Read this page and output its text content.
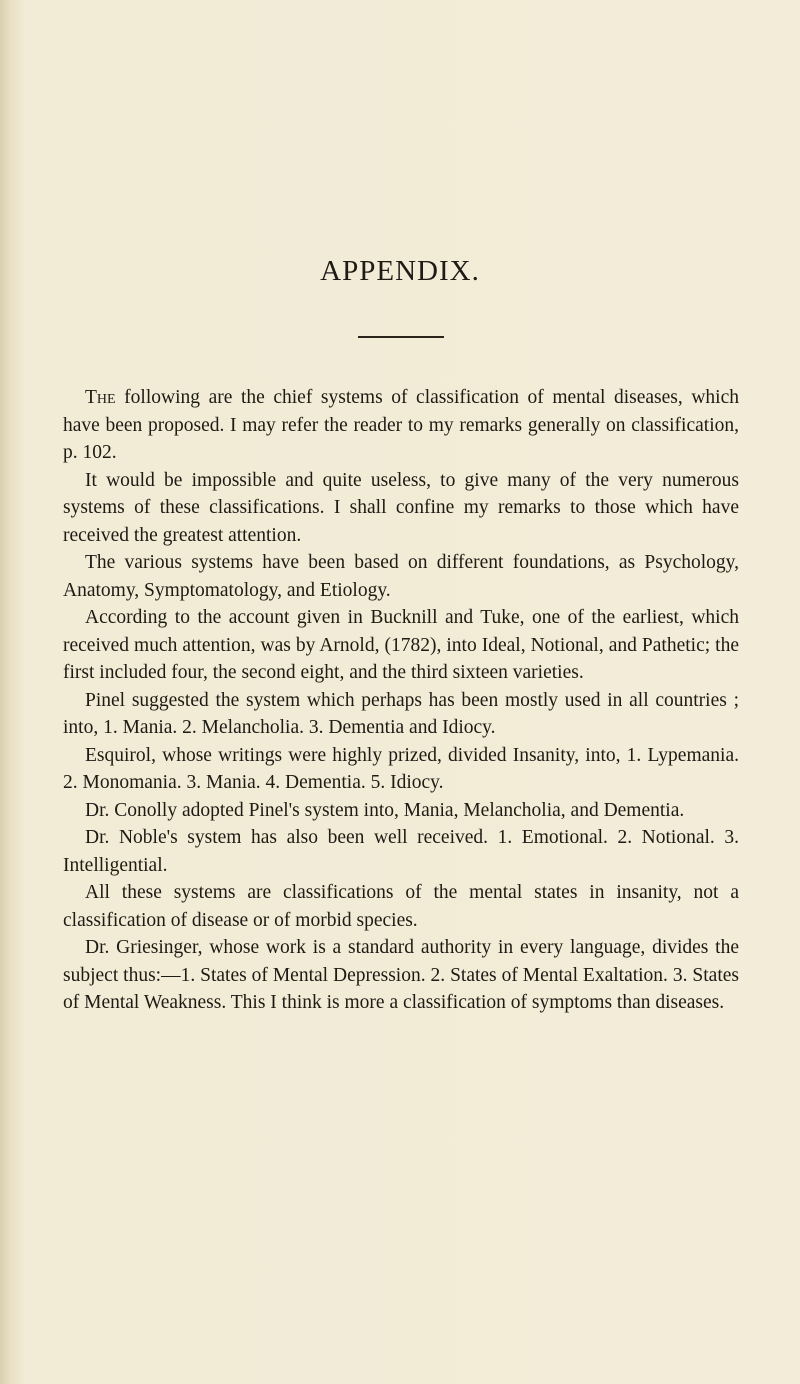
APPENDIX.

The following are the chief systems of classification of mental diseases, which have been proposed. I may refer the reader to my remarks generally on classification, p. 102.

It would be impossible and quite useless, to give many of the very numerous systems of these classifications. I shall confine my remarks to those which have received the greatest attention.

The various systems have been based on different foundations, as Psychology, Anatomy, Symptomatology, and Etiology.

According to the account given in Bucknill and Tuke, one of the earliest, which received much attention, was by Arnold, (1782), into Ideal, Notional, and Pathetic; the first included four, the second eight, and the third sixteen varieties.

Pinel suggested the system which perhaps has been mostly used in all countries ; into, 1. Mania. 2. Melancholia. 3. Dementia and Idiocy.

Esquirol, whose writings were highly prized, divided Insanity, into, 1. Lypemania. 2. Monomania. 3. Mania. 4. Dementia. 5. Idiocy.

Dr. Conolly adopted Pinel's system into, Mania, Melancholia, and Dementia.

Dr. Noble's system has also been well received. 1. Emotional. 2. Notional. 3. Intelligential.

All these systems are classifications of the mental states in insanity, not a classification of disease or of morbid species.

Dr. Griesinger, whose work is a standard authority in every language, divides the subject thus:—1. States of Mental Depression. 2. States of Mental Exaltation. 3. States of Mental Weakness. This I think is more a classification of symptoms than diseases.
